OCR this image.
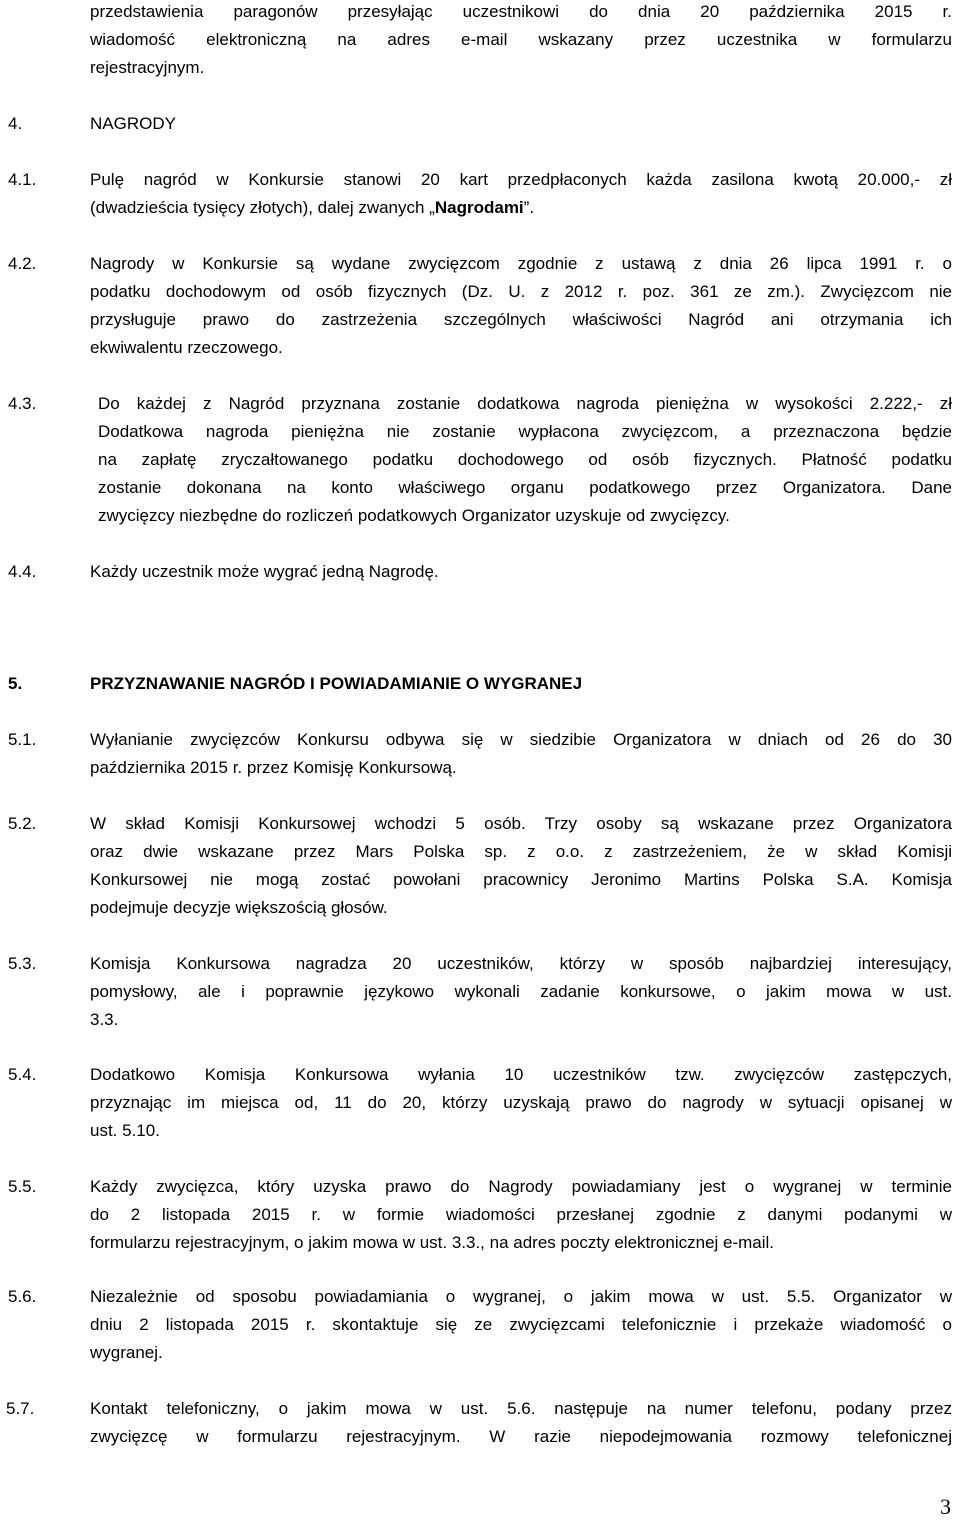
przedstawienia paragonów przesyłając uczestnikowi do dnia 20 października 2015 r.
wiadomość elektroniczną na adres e-mail wskazany przez uczestnika w formularzu
rejestracyjnym.
4.	NAGRODY
4.1.	Pulę nagród w Konkursie stanowi 20 kart przedpłaconych każda zasilona kwotą 20.000,- zł
(dwadzieścia tysięcy złotych), dalej zwanych „Nagrodami”.
4.2.	Nagrody w Konkursie są wydane zwycięzcom zgodnie z ustawą z dnia 26 lipca 1991 r. o
podatku dochodowym od osób fizycznych (Dz. U. z 2012 r. poz. 361 ze zm.). Zwycięzcom nie
przysługuje prawo do zastrzeżenia szczególnych właściwości Nagród ani otrzymania ich
ekwiwalentu rzeczowego.
4.3.	Do każdej z Nagród przyznana zostanie dodatkowa nagroda pieniężna w wysokości 2.222,- zł
Dodatkowa nagroda pieniężna nie zostanie wypłacona zwycięzcom, a przeznaczona będzie
na zapłatę zryczałtowanego podatku dochodowego od osób fizycznych. Płatność podatku
zostanie dokonana na konto właściwego organu podatkowego przez Organizatora. Dane
zwycięzcy niezbędne do rozliczeń podatkowych Organizator uzyskuje od zwycięzcy.
4.4.	Każdy uczestnik może wygrać jedną Nagrodę.
5.	PRZYZNAWANIE NAGRÓD I POWIADAMIANIE O WYGRANEJ
5.1.	Wyłanianie zwycięzców Konkursu odbywa się w siedzibie Organizatora w dniach od 26 do 30
października 2015 r. przez Komisję Konkursową.
5.2.	W skład Komisji Konkursowej wchodzi 5 osób. Trzy osoby są wskazane przez Organizatora
oraz dwie wskazane przez Mars Polska sp. z o.o. z zastrzeżeniem, że w skład Komisji
Konkursowej nie mogą zostać powołani pracownicy Jeronimo Martins Polska S.A. Komisja
podejmuje decyzje większością głosów.
5.3.	Komisja Konkursowa nagradza 20 uczestników, którzy w sposób najbardziej interesujący,
pomysłowy, ale i poprawnie językowo wykonali zadanie konkursowe, o jakim mowa w ust.
3.3.
5.4.	Dodatkowo Komisja Konkursowa wyłania 10 uczestników tzw. zwycięzców zastępczych,
przyznając im miejsca od, 11 do 20, którzy uzyskają prawo do nagrody w sytuacji opisanej w
ust. 5.10.
5.5.	Każdy zwycięzca, który uzyska prawo do Nagrody powiadamiany jest o wygranej w terminie
do 2 listopada 2015 r. w formie wiadomości przesłanej zgodnie z danymi podanymi w
formularzu rejestracyjnym, o jakim mowa w ust. 3.3., na adres poczty elektronicznej e-mail.
5.6.	Niezależnie od sposobu powiadamiania o wygranej, o jakim mowa w ust. 5.5. Organizator w
dniu 2 listopada 2015 r. skontaktuje się ze zwycięzcami telefonicznie i przekaże wiadomość o
wygranej.
5.7.	Kontakt telefoniczny, o jakim mowa w ust. 5.6. następuje na numer telefonu, podany przez
zwycięzcę w formularzu rejestracyjnym. W razie niepodejmowania rozmowy telefonicznej
3
